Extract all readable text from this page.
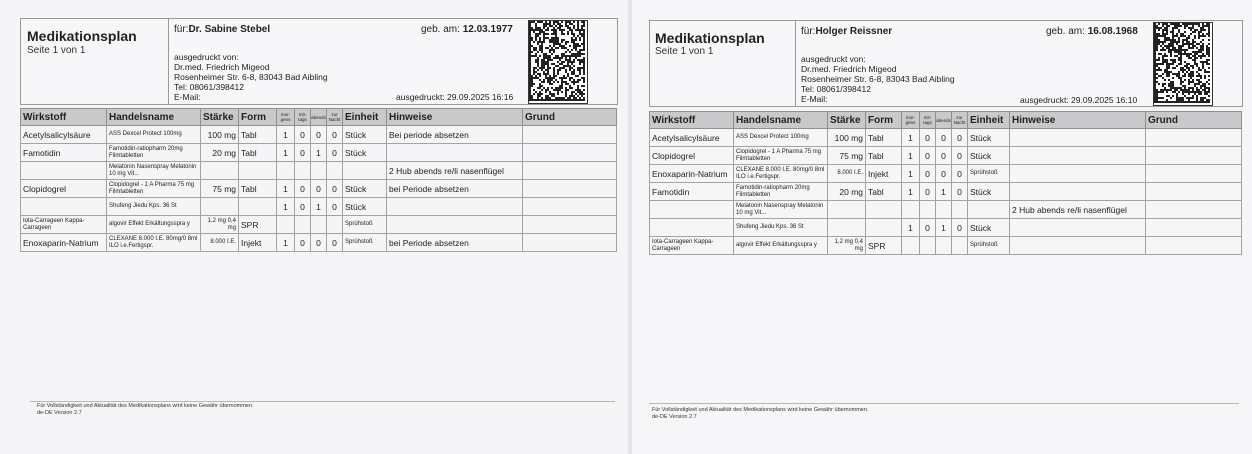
Medikationsplan
Seite 1 von 1
für:Dr. Sabine Stebel	geb. am: 12.03.1977
ausgedruckt von:
Dr.med. Friedrich Migeod
Rosenheimer Str. 6-8, 83043 Bad Aibling
Tel: 08061/398412
E-Mail:	ausgedruckt: 29.09.2025 16:16
Wirkstoff	Handelsname	Stärke	Form	mor-gens	mit-tags	abends	zur Nacht	Einheit	Hinweise	Grund
Acetylsalicylsäure	ASS Dexcel Protect 100mg	100 mg	Tabl	1	0	0	0	Stück	Bei periode absetzen	
Famotidin	Famotidin-ratiopharm 20mg Filmtabletten	20 mg	Tabl	1	0	1	0	Stück		
	Melatonin Nasenspray Melatonin 10 mg Vit...								2 Hub abends re/li nasenflügel	
Clopidogrel	Clopidogrel - 1 A Pharma 75 mg Filmtabletten	75 mg	Tabl	1	0	0	0	Stück	bei Periode absetzen	
	Shufeng Jiedu Kps. 36 St			1	0	1	0	Stück		
Iota-Carrageen Kappa-Carrageen	algovir Effekt Erkältungsspra y	1,2 mg 0,4 mg	SPR					Sprühstoß		
Enoxaparin-Natrium	CLEXANE 8.000 I.E. 80mg/0 8ml ILO i.e.Fertigspr.	8.000 I.E.	Injekt	1	0	0	0	Sprühstoß	bei Periode absetzen	
Für Vollständigkeit und Aktualität des Medikationsplans wird keine Gewähr übernommen.
de-DE Version 2.7
Medikationsplan
Seite 1 von 1
für:Holger Reissner	geb. am: 16.08.1968
ausgedruckt von:
Dr.med. Friedrich Migeod
Rosenheimer Str. 6-8, 83043 Bad Aibling
Tel: 08061/398412
E-Mail:	ausgedruckt: 29.09.2025 16:10
Wirkstoff	Handelsname	Stärke	Form	mor-gens	mit-tags	abends	zur Nacht	Einheit	Hinweise	Grund
Acetylsalicylsäure	ASS Dexcel Protect 100mg	100 mg	Tabl	1	0	0	0	Stück		
Clopidogrel	Clopidogrel - 1 A Pharma 75 mg Filmtabletten	75 mg	Tabl	1	0	0	0	Stück		
Enoxaparin-Natrium	CLEXANE 8.000 I.E. 80mg/0 8ml ILO i.e.Fertigspr.	8.000 I.E.	Injekt	1	0	0	0	Sprühstoß		
Famotidin	Famotidin-ratiopharm 20mg Filmtabletten	20 mg	Tabl	1	0	1	0	Stück		
	Melatonin Nasenspray Melatonin 10 mg Vit...								2 Hub abends re/li nasenflügel	
	Shufeng Jiedu Kps. 36 St			1	0	1	0	Stück		
Iota-Carrageen Kappa-Carrageen	algovir Effekt Erkältungsspra y	1,2 mg 0,4 mg	SPR					Sprühstoß		
Für Vollständigkeit und Aktualität des Medikationsplans wird keine Gewähr übernommen.
de-DE Version 2.7
